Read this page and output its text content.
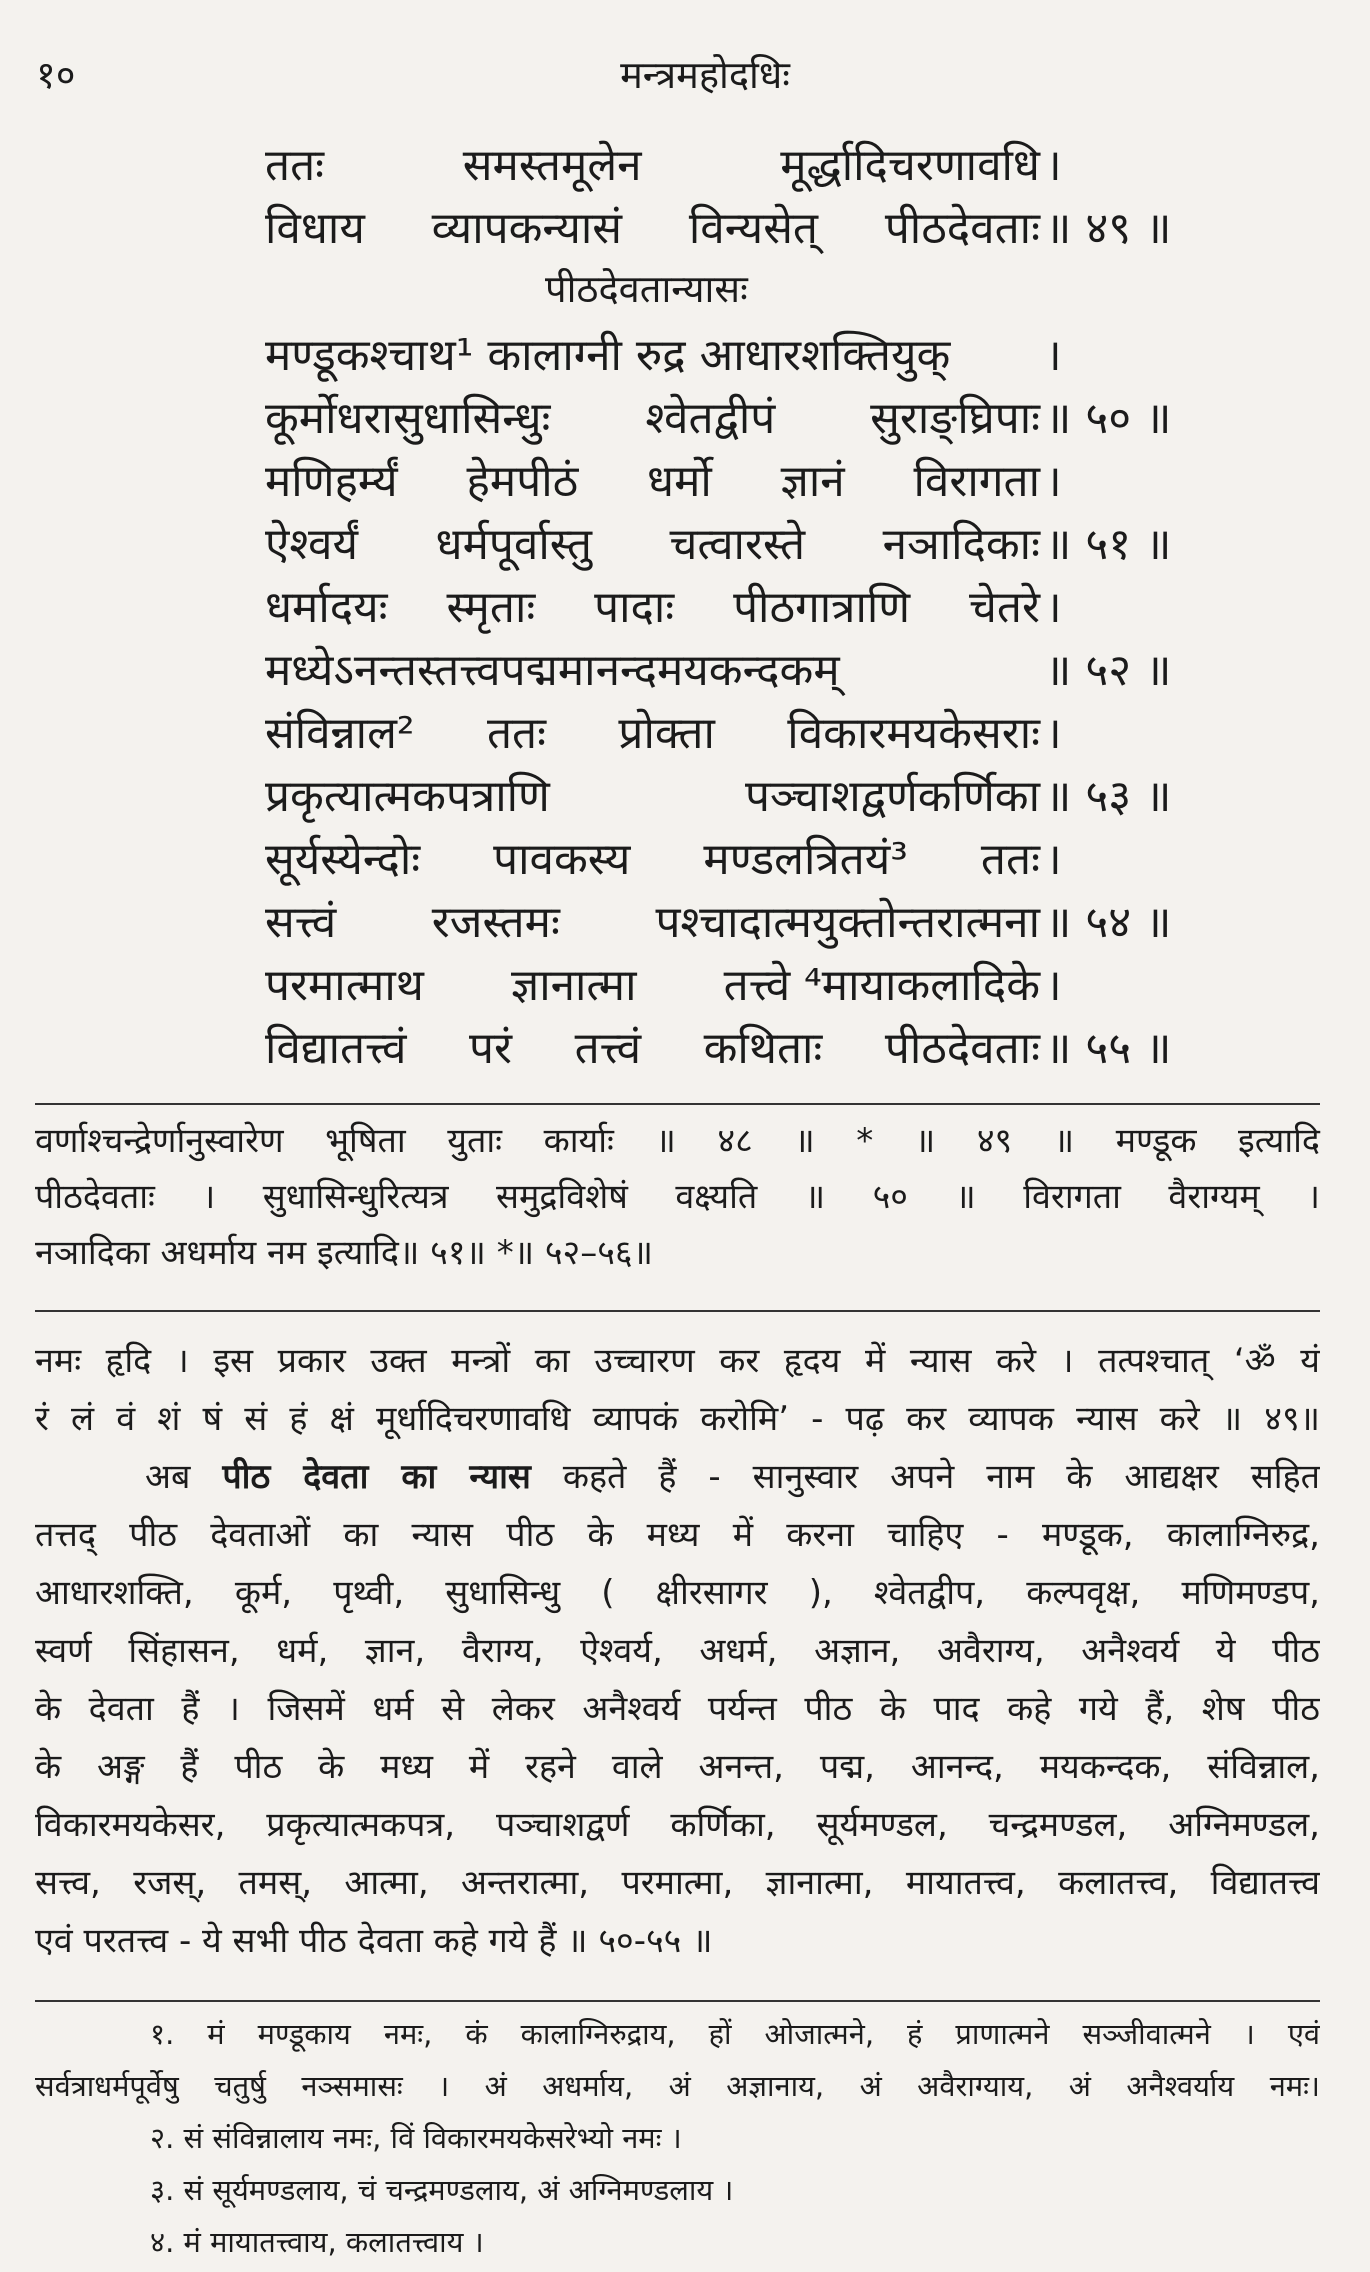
१०	मन्त्रमहोदधिः
ततः	समस्तमूलेन	मूर्द्धादिचरणावधि ।
विधाय व्यापकन्यासं विन्यसेत् पीठदेवताः ॥ ४९ ॥
मण्डूकश्चाथ¹ कालाग्नी रुद्र आधारशक्तियुक् ।
कूर्मोधरासुधासिन्धुः श्वेतद्वीपं सुराङ्घ्रिपाः ॥ ५० ॥
मणिहर्म्यं हेमपीठं धर्मो ज्ञानं विरागता ।
ऐश्वर्यं धर्मपूर्वास्तु चत्वारस्ते नञादिकाः ॥ ५१ ॥
धर्मादयः स्मृताः पादाः पीठगात्राणि चेतरे ।
मध्येऽनन्तस्तत्त्वपद्ममानन्दमयकन्दकम्	॥ ५२ ॥
संविन्नाल² ततः प्रोक्ता विकारमयकेसराः ।
प्रकृत्यात्मकपत्राणि	पञ्चाशद्वर्णकर्णिका ॥ ५३ ॥
सूर्यस्येन्दोः पावकस्य मण्डलत्रितयं³ ततः ।
सत्त्वं रजस्तमः पश्चादात्मयुक्तोन्तरात्मना ॥ ५४ ॥
परमात्माथ ज्ञानात्मा तत्त्वे ⁴मायाकलादिके ।
विद्यातत्त्वं परं तत्त्वं कथिताः पीठदेवताः ॥ ५५ ॥
पीठदेवतान्यासः
वर्णाश्चन्द्रेर्णानुस्वारेण भूषिता युताः कार्याः ॥ ४८ ॥ * ॥ ४९ ॥ मण्डूक इत्यादि
पीठदेवताः । सुधासिन्धुरित्यत्र समुद्रविशेषं वक्ष्यति ॥ ५० ॥ विरागता वैराग्यम् ।
नञादिका अधर्माय नम इत्यादि॥ ५१॥ *॥ ५२–५६॥
नमः हृदि । इस प्रकार उक्त मन्त्रों का उच्चारण कर हृदय में न्यास करे । तत्पश्चात् ‘ॐ यं
रं लं वं शं षं सं हं क्षं मूर्धादिचरणावधि व्यापकं करोमि’ - पढ़ कर व्यापक न्यास करे ॥ ४९॥
अब पीठ देवता का न्यास कहते हैं - सानुस्वार अपने नाम के आद्यक्षर सहित
तत्तद् पीठ देवताओं का न्यास पीठ के मध्य में करना चाहिए - मण्डूक, कालाग्निरुद्र,
आधारशक्ति, कूर्म, पृथ्वी, सुधासिन्धु ( क्षीरसागर ), श्वेतद्वीप, कल्पवृक्ष, मणिमण्डप,
स्वर्ण सिंहासन, धर्म, ज्ञान, वैराग्य, ऐश्वर्य, अधर्म, अज्ञान, अवैराग्य, अनैश्वर्य ये पीठ
के देवता हैं । जिसमें धर्म से लेकर अनैश्वर्य पर्यन्त पीठ के पाद कहे गये हैं, शेष पीठ
के अङ्ग हैं पीठ के मध्य में रहने वाले अनन्त, पद्म, आनन्द, मयकन्दक, संविन्नाल,
विकारमयकेसर, प्रकृत्यात्मकपत्र, पञ्चाशद्वर्ण कर्णिका, सूर्यमण्डल, चन्द्रमण्डल, अग्निमण्डल,
सत्त्व, रजस्, तमस्, आत्मा, अन्तरात्मा, परमात्मा, ज्ञानात्मा, मायातत्त्व, कलातत्त्व, विद्यातत्त्व
एवं परतत्त्व - ये सभी पीठ देवता कहे गये हैं ॥ ५०-५५ ॥
१. मं मण्डूकाय नमः, कं कालाग्निरुद्राय, हों ओजात्मने, हं प्राणात्मने सञ्जीवात्मने । एवं
सर्वत्राधर्मपूर्वेषु चतुर्षु नञ्समासः । अं अधर्माय, अं अज्ञानाय, अं अवैराग्याय, अं अनैश्वर्याय नमः।
२. सं संविन्नालाय नमः, विं विकारमयकेसरेभ्यो नमः ।
३. सं सूर्यमण्डलाय, चं चन्द्रमण्डलाय, अं अग्निमण्डलाय ।
४. मं मायातत्त्वाय, कलातत्त्वाय ।
